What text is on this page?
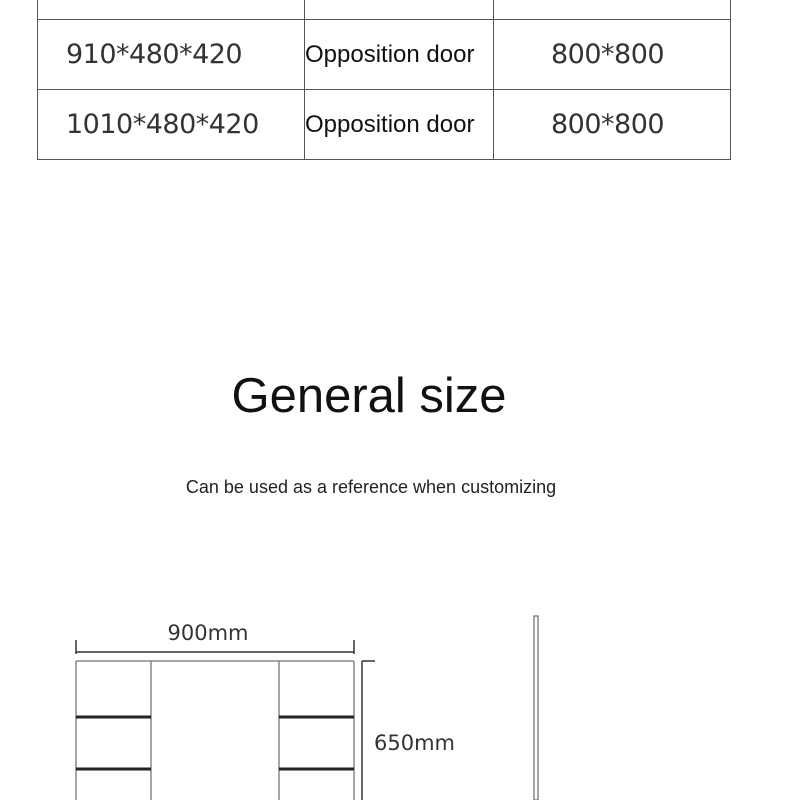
910*480*420	Opposition door	800*800
1010*480*420	Opposition door	800*800
General size
Can be used as a reference when customizing
900mm
650mm
